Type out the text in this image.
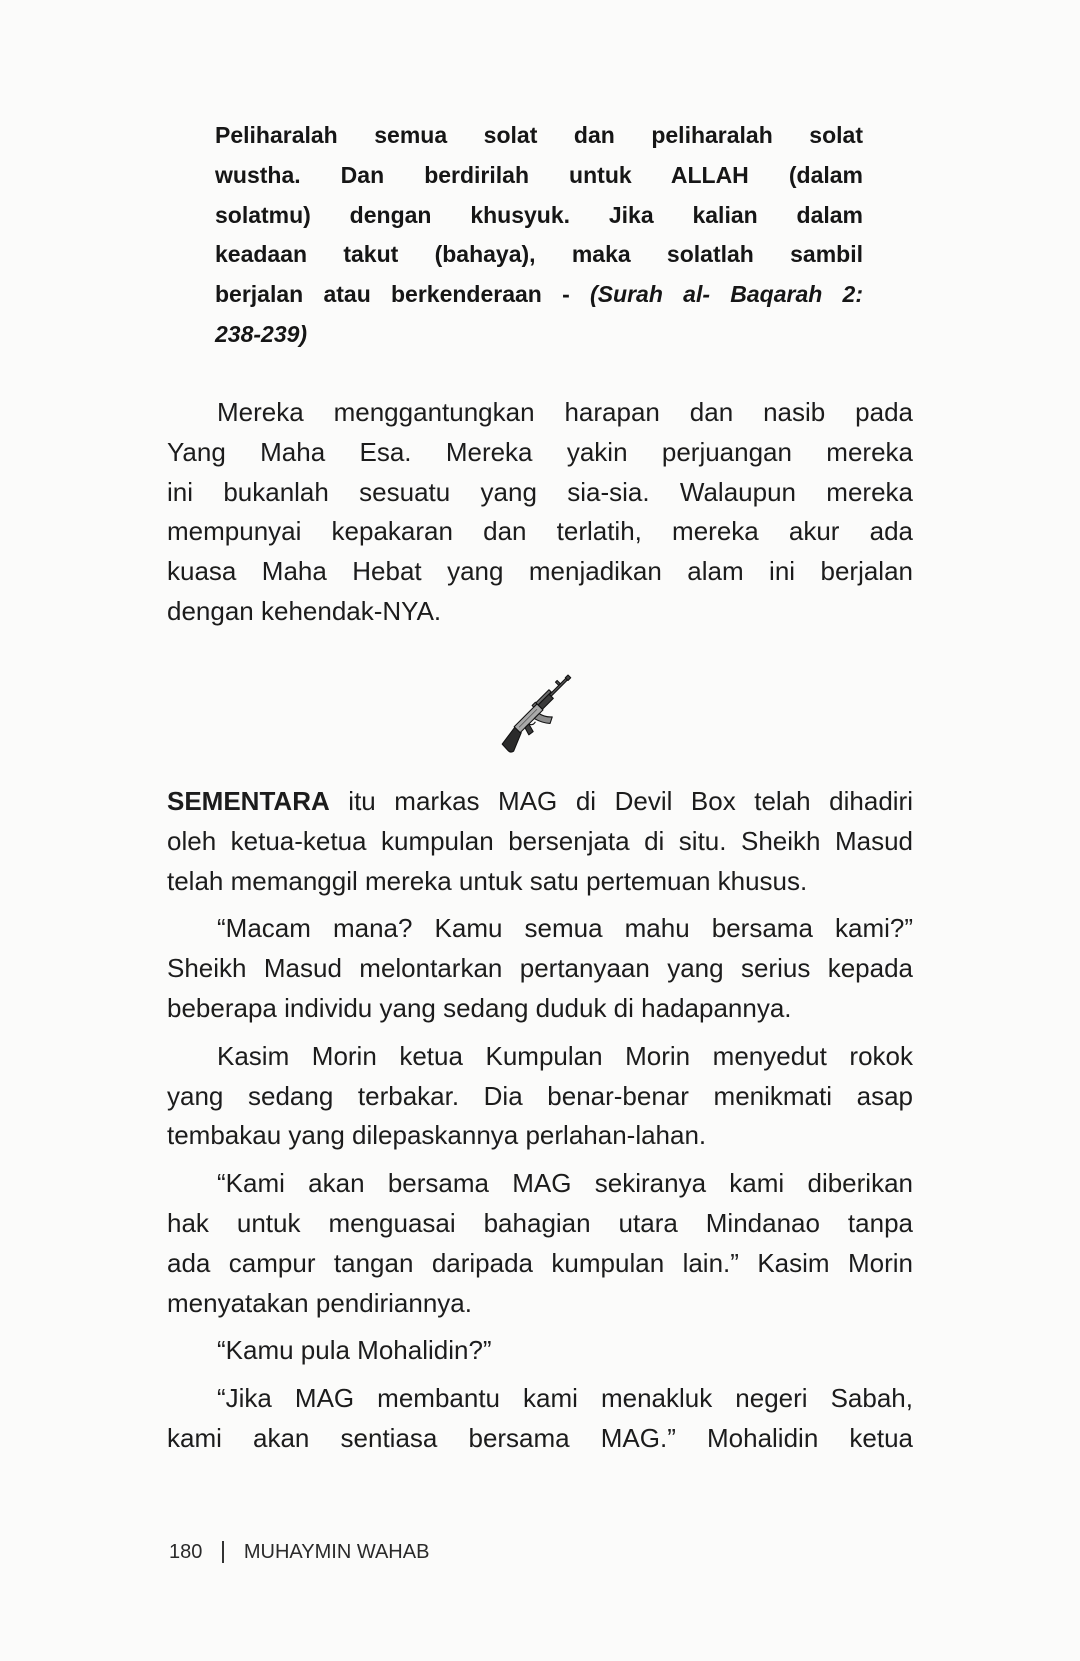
Peliharalah semua solat dan peliharalah solat
wustha. Dan berdirilah untuk ALLAH (dalam
solatmu) dengan khusyuk. Jika kalian dalam
keadaan takut (bahaya), maka solatlah sambil
berjalan atau berkenderaan - (Surah al- Baqarah 2:
238-239)
Mereka menggantungkan harapan dan nasib pada
Yang Maha Esa. Mereka yakin perjuangan mereka
ini bukanlah sesuatu yang sia-sia. Walaupun mereka
mempunyai kepakaran dan terlatih, mereka akur ada
kuasa Maha Hebat yang menjadikan alam ini berjalan
dengan kehendak-NYA.
SEMENTARA itu markas MAG di Devil Box telah dihadiri
oleh ketua-ketua kumpulan bersenjata di situ. Sheikh Masud
telah memanggil mereka untuk satu pertemuan khusus.
“Macam mana? Kamu semua mahu bersama kami?”
Sheikh Masud melontarkan pertanyaan yang serius kepada
beberapa individu yang sedang duduk di hadapannya.
Kasim Morin ketua Kumpulan Morin menyedut rokok
yang sedang terbakar. Dia benar-benar menikmati asap
tembakau yang dilepaskannya perlahan-lahan.
“Kami akan bersama MAG sekiranya kami diberikan
hak untuk menguasai bahagian utara Mindanao tanpa
ada campur tangan daripada kumpulan lain.” Kasim Morin
menyatakan pendiriannya.
“Kamu pula Mohalidin?”
“Jika MAG membantu kami menakluk negeri Sabah,
kami akan sentiasa bersama MAG.” Mohalidin ketua
180 MUHAYMIN WAHAB
